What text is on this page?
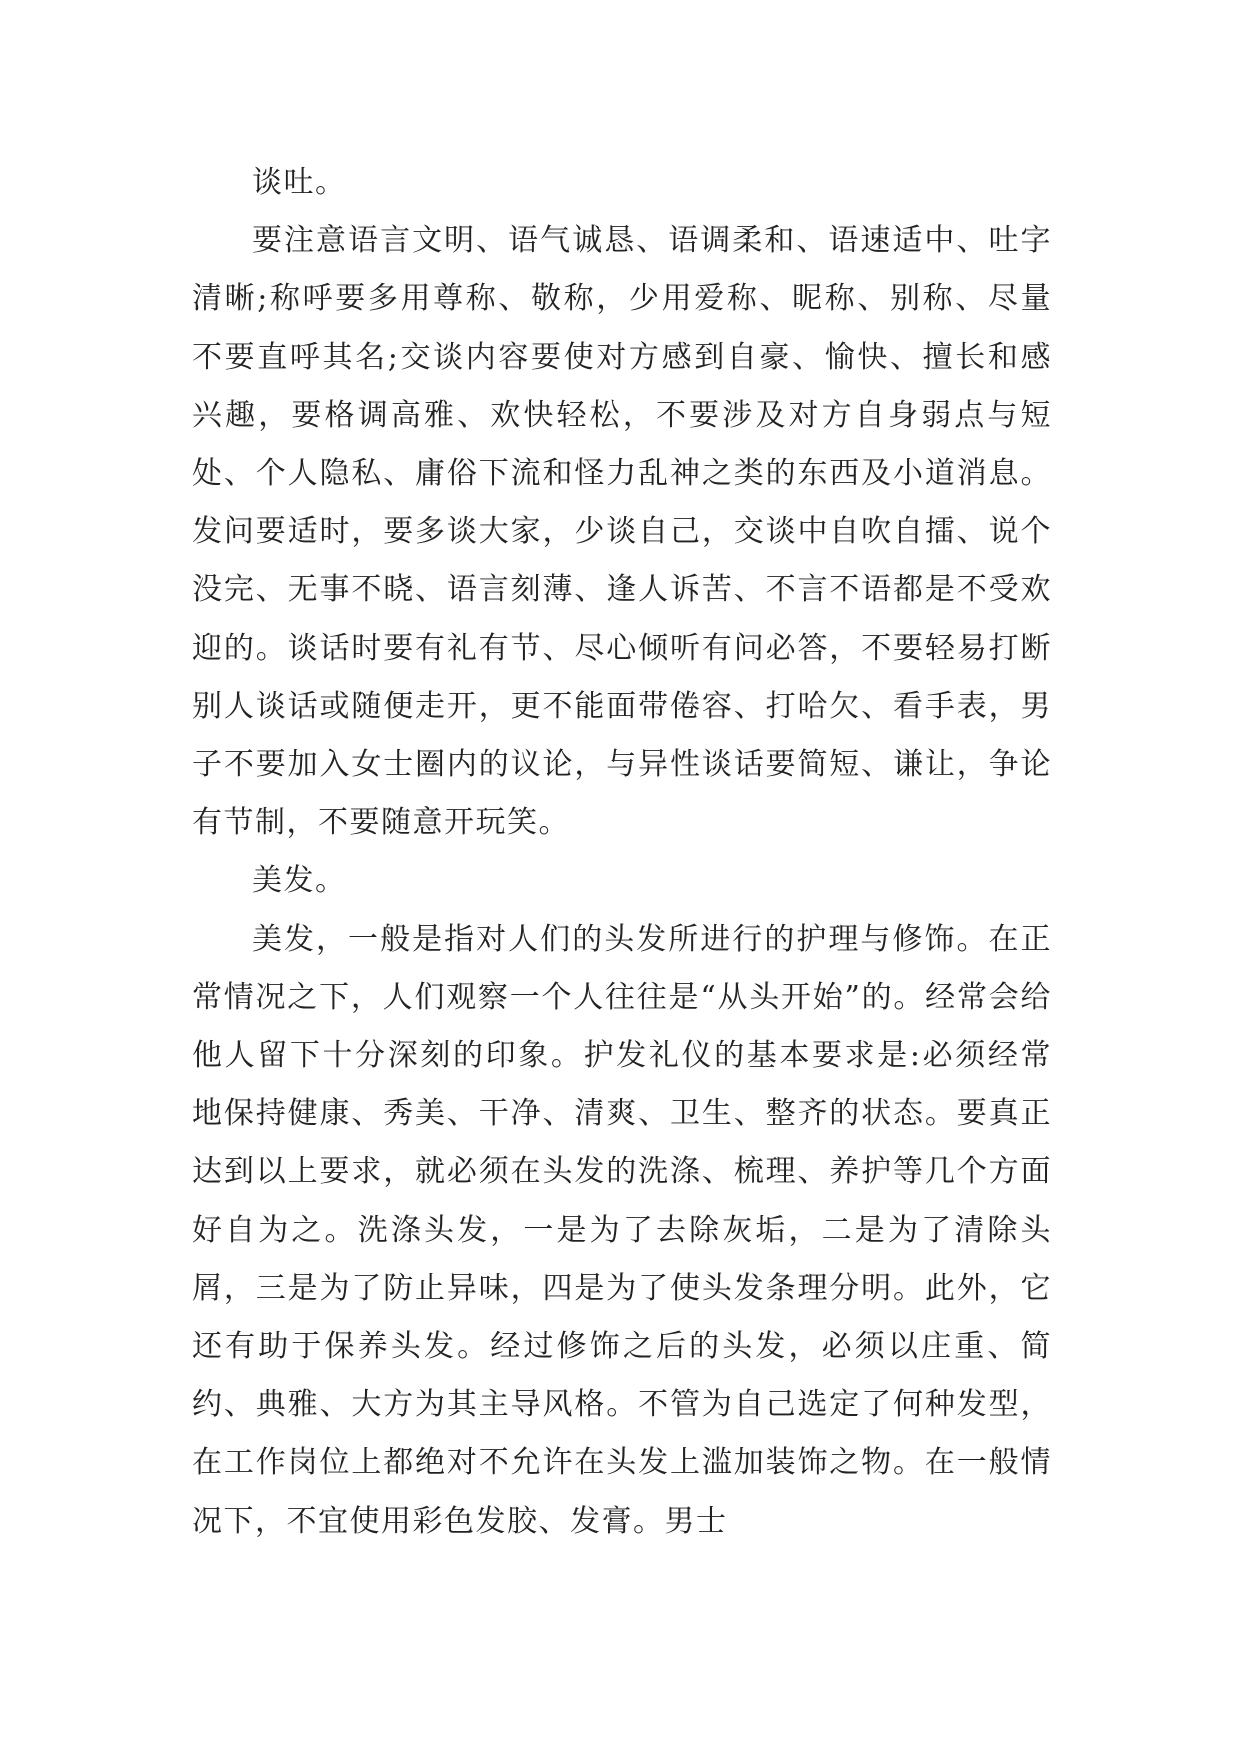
谈吐。

要注意语言文明、语气诚恳、语调柔和、语速适中、吐字清晰;称呼要多用尊称、敬称，少用爱称、昵称、别称、尽量不要直呼其名;交谈内容要使对方感到自豪、愉快、擅长和感兴趣，要格调高雅、欢快轻松，不要涉及对方自身弱点与短处、个人隐私、庸俗下流和怪力乱神之类的东西及小道消息。发问要适时，要多谈大家，少谈自己，交谈中自吹自擂、说个没完、无事不晓、语言刻薄、逢人诉苦、不言不语都是不受欢迎的。谈话时要有礼有节、尽心倾听有问必答，不要轻易打断别人谈话或随便走开，更不能面带倦容、打哈欠、看手表，男子不要加入女士圈内的议论，与异性谈话要简短、谦让，争论有节制，不要随意开玩笑。

美发。

美发，一般是指对人们的头发所进行的护理与修饰。在正常情况之下，人们观察一个人往往是“从头开始”的。经常会给他人留下十分深刻的印象。护发礼仪的基本要求是:必须经常地保持健康、秀美、干净、清爽、卫生、整齐的状态。要真正达到以上要求，就必须在头发的洗涤、梳理、养护等几个方面好自为之。洗涤头发，一是为了去除灰垢，二是为了清除头屑，三是为了防止异味，四是为了使头发条理分明。此外，它还有助于保养头发。经过修饰之后的头发，必须以庄重、简约、典雅、大方为其主导风格。不管为自己选定了何种发型，在工作岗位上都绝对不允许在头发上滥加装饰之物。在一般情况下，不宜使用彩色发胶、发膏。男士
